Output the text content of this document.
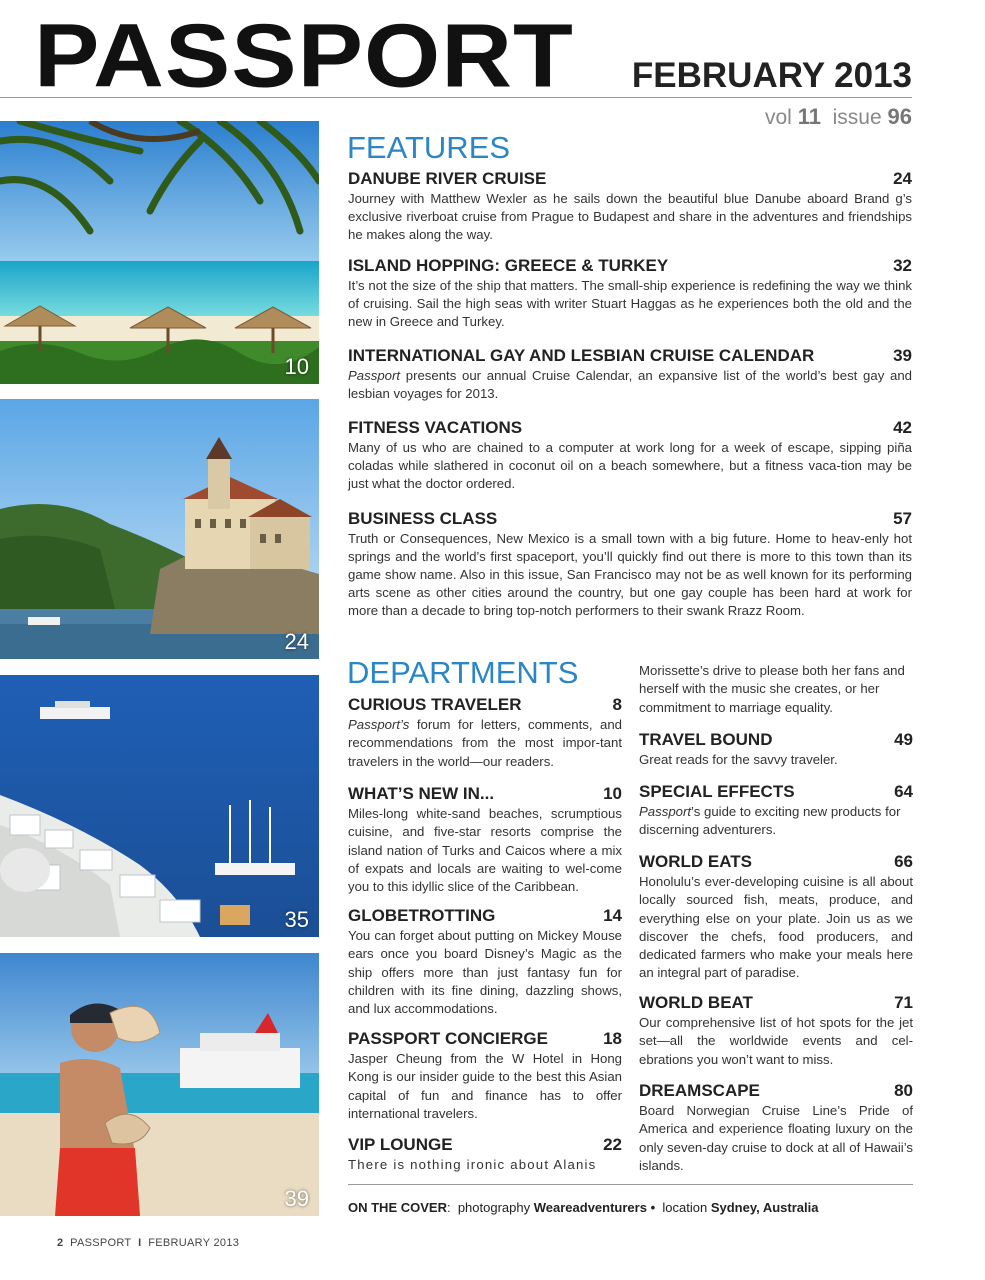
PASSPORT FEBRUARY 2013
vol 11 issue 96
10
24
35
39
FEATURES
DANUBE RIVER CRUISE	24
Journey with Matthew Wexler as he sails down the beautiful blue Danube aboard Brand g’s exclusive riverboat cruise from Prague to Budapest and share in the adventures and friendships he makes along the way.
ISLAND HOPPING: GREECE & TURKEY	32
It’s not the size of the ship that matters. The small-ship experience is redefining the way we think of cruising. Sail the high seas with writer Stuart Haggas as he experiences both the old and the new in Greece and Turkey.
INTERNATIONAL GAY AND LESBIAN CRUISE CALENDAR	39
Passport presents our annual Cruise Calendar, an expansive list of the world’s best gay and lesbian voyages for 2013.
FITNESS VACATIONS	42
Many of us who are chained to a computer at work long for a week of escape, sipping piña coladas while slathered in coconut oil on a beach somewhere, but a fitness vaca-tion may be just what the doctor ordered.
BUSINESS CLASS	57
Truth or Consequences, New Mexico is a small town with a big future. Home to heav-enly hot springs and the world’s first spaceport, you’ll quickly find out there is more to this town than its game show name. Also in this issue, San Francisco may not be as well known for its performing arts scene as other cities around the country, but one gay couple has been hard at work for more than a decade to bring top-notch performers to their swank Rrazz Room.
DEPARTMENTS
CURIOUS TRAVELER	8
Passport’s forum for letters, comments, and recommendations from the most impor-tant travelers in the world—our readers.
WHAT’S NEW IN...	10
Miles-long white-sand beaches, scrumptious cuisine, and five-star resorts comprise the island nation of Turks and Caicos where a mix of expats and locals are waiting to wel-come you to this idyllic slice of the Caribbean.
GLOBETROTTING	14
You can forget about putting on Mickey Mouse ears once you board Disney’s Magic as the ship offers more than just fantasy fun for children with its fine dining, dazzling shows, and lux accommodations.
PASSPORT CONCIERGE	18
Jasper Cheung from the W Hotel in Hong Kong is our insider guide to the best this Asian capital of fun and finance has to offer international travelers.
VIP LOUNGE	22
There is nothing ironic about Alanis
Morissette’s drive to please both her fans and herself with the music she creates, or her commitment to marriage equality.
TRAVEL BOUND	49
Great reads for the savvy traveler.
SPECIAL EFFECTS	64
Passport’s guide to exciting new products for discerning adventurers.
WORLD EATS	66
Honolulu’s ever-developing cuisine is all about locally sourced fish, meats, produce, and everything else on your plate. Join us as we discover the chefs, food producers, and dedicated farmers who make your meals here an integral part of paradise.
WORLD BEAT	71
Our comprehensive list of hot spots for the jet set—all the worldwide events and cel-ebrations you won’t want to miss.
DREAMSCAPE	80
Board Norwegian Cruise Line’s Pride of America and experience floating luxury on the only seven-day cruise to dock at all of Hawaii’s islands.
ON THE COVER: photography Weareadventurers • location Sydney, Australia
2 PASSPORT I FEBRUARY 2013
